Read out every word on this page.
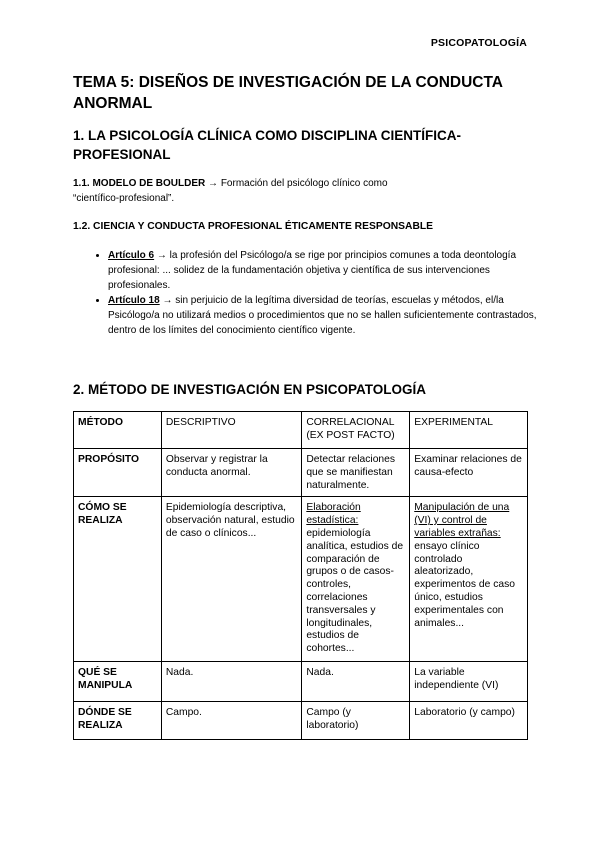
PSICOPATOLOGÍA
TEMA 5: DISEÑOS DE INVESTIGACIÓN DE LA CONDUCTA ANORMAL
1. LA PSICOLOGÍA CLÍNICA COMO DISCIPLINA CIENTÍFICA-PROFESIONAL
1.1. MODELO DE BOULDER → Formación del psicólogo clínico como “científico-profesional”.
1.2. CIENCIA Y CONDUCTA PROFESIONAL ÉTICAMENTE RESPONSABLE
• Artículo 6 → la profesión del Psicólogo/a se rige por principios comunes a toda deontología profesional: ... solidez de la fundamentación objetiva y científica de sus intervenciones profesionales.
• Artículo 18 → sin perjuicio de la legítima diversidad de teorías, escuelas y métodos, el/la Psicólogo/a no utilizará medios o procedimientos que no se hallen suficientemente contrastados, dentro de los límites del conocimiento científico vigente.
2. MÉTODO DE INVESTIGACIÓN EN PSICOPATOLOGÍA
MÉTODO	DESCRIPTIVO	CORRELACIONAL (EX POST FACTO)	EXPERIMENTAL
PROPÓSITO	Observar y registrar la conducta anormal.	Detectar relaciones que se manifiestan naturalmente.	Examinar relaciones de causa-efecto
CÓMO SE REALIZA	Epidemiología descriptiva, observación natural, estudio de caso o clínicos...	Elaboración estadística:
epidemiología analítica, estudios de comparación de grupos o de casos-controles, correlaciones transversales y longitudinales, estudios de cohortes...	Manipulación de una (VI) y control de variables extrañas:
ensayo clínico controlado aleatorizado, experimentos de caso único, estudios experimentales con animales...
QUÉ SE MANIPULA	Nada.	Nada.	La variable independiente (VI)
DÓNDE SE REALIZA	Campo.	Campo (y laboratorio)	Laboratorio (y campo)
